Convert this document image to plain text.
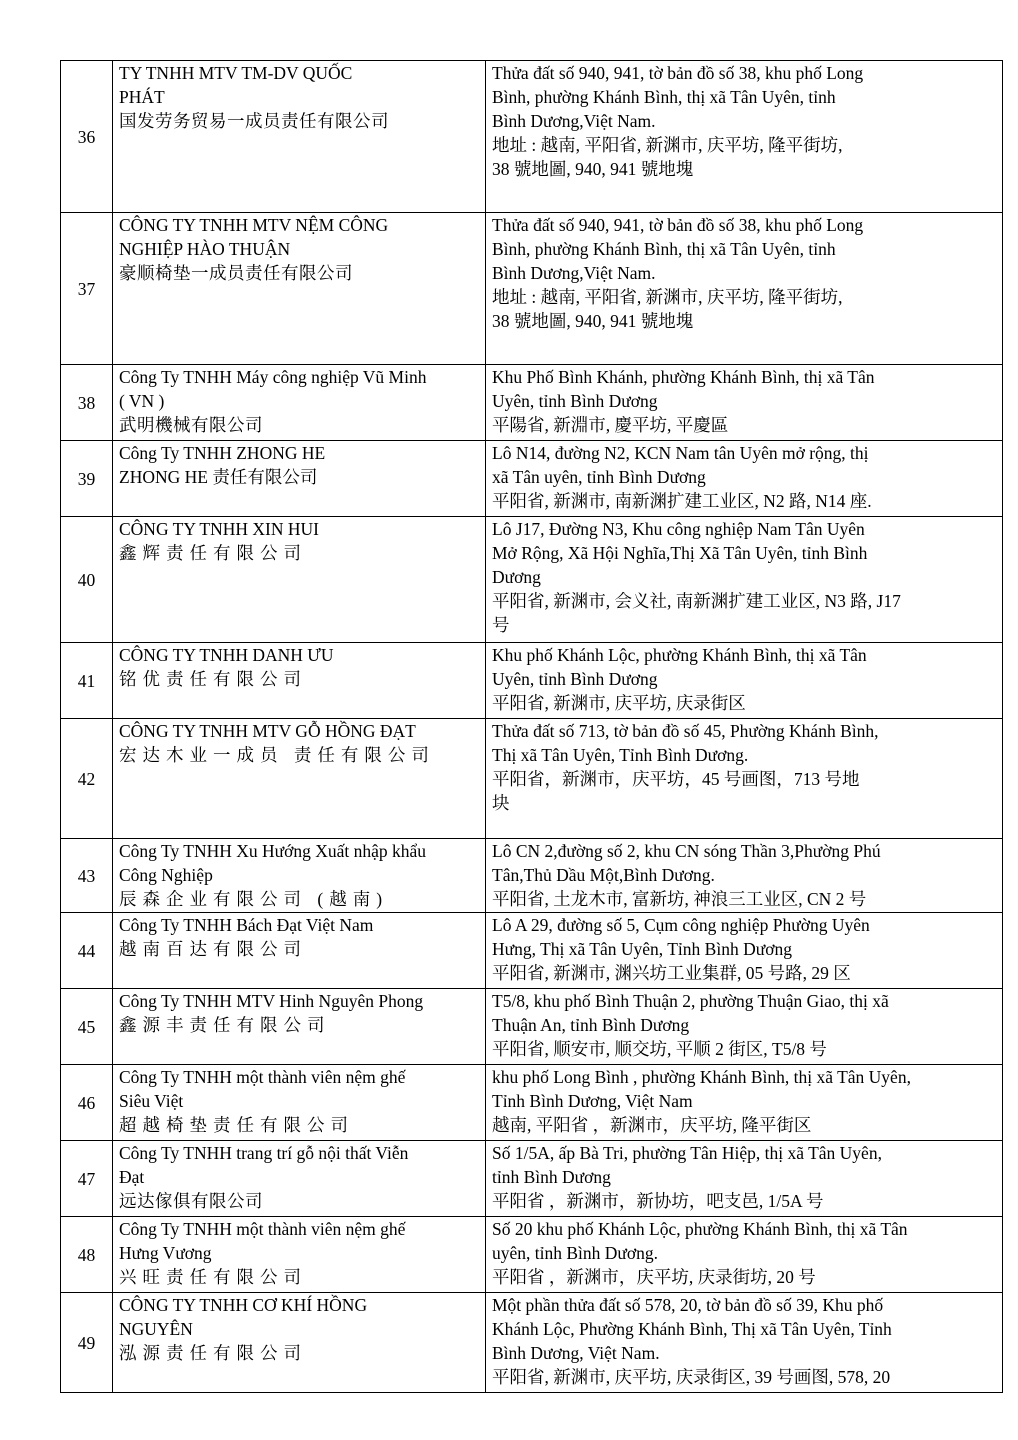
36	TY TNHH MTV TM-DV QUỐC
PHÁT
国发劳务贸易一成员责任有限公司	Thửa đất số 940, 941, tờ bản đồ số 38, khu phố Long
Bình, phường Khánh Bình, thị xã Tân Uyên, tỉnh
Bình Dương,Việt Nam.
地址 : 越南, 平阳省, 新渊市, 庆平坊, 隆平街坊,
38 號地圖, 940, 941 號地塊

37	CÔNG TY TNHH MTV NỆM CÔNG
NGHIỆP HÀO THUẬN
豪顺椅垫一成员责任有限公司	Thửa đất số 940, 941, tờ bản đồ số 38, khu phố Long
Bình, phường Khánh Bình, thị xã Tân Uyên, tỉnh
Bình Dương,Việt Nam.
地址 : 越南, 平阳省, 新渊市, 庆平坊, 隆平街坊,
38 號地圖, 940, 941 號地塊

38	Công Ty TNHH Máy công nghiệp Vũ Minh
( VN )
武明機械有限公司	Khu Phố Bình Khánh, phường Khánh Bình, thị xã Tân
Uyên, tỉnh Bình Dương
平陽省, 新淵市, 慶平坊, 平慶區

39	Công Ty TNHH ZHONG HE
ZHONG HE 责任有限公司	Lô N14, đường N2, KCN Nam tân Uyên mở rộng, thị
xã Tân uyên, tỉnh Bình Dương
平阳省, 新渊市, 南新渊扩建工业区, N2 路, N14 座.

40	CÔNG TY TNHH XIN HUI
鑫辉责任有限公司	Lô J17, Đường N3, Khu công nghiệp Nam Tân Uyên
Mở Rộng, Xã Hội Nghĩa,Thị Xã Tân Uyên, tỉnh Bình
Dương
平阳省, 新渊市, 会义社, 南新渊扩建工业区, N3 路, J17
号

41	CÔNG TY TNHH DANH ƯU
铭优责任有限公司	Khu phố Khánh Lộc, phường Khánh Bình, thị xã Tân
Uyên, tỉnh Bình Dương
平阳省, 新渊市, 庆平坊, 庆录街区

42	CÔNG TY TNHH MTV GỖ HỒNG ĐẠT
宏达木业一成员 责任有限公司	Thửa đất số 713, tờ bản đồ số 45, Phường Khánh Bình,
Thị xã Tân Uyên, Tỉnh Bình Dương.
平阳省，新渊市，庆平坊，45 号画图，713 号地
块

43	Công Ty TNHH Xu Hướng Xuất nhập khẩu
Công Nghiệp
辰森企业有限公司 (越南)	Lô CN 2,đường số 2, khu CN sóng Thần 3,Phường Phú
Tân,Thủ Dầu Một,Bình Dương.
平阳省, 土龙木市, 富新坊, 神浪三工业区, CN 2 号

44	Công Ty TNHH Bách Đạt Việt Nam
越南百达有限公司	Lô A 29, đường số 5, Cụm công nghiệp Phường Uyên
Hưng, Thị xã Tân Uyên, Tỉnh Bình Dương
平阳省, 新渊市, 渊兴坊工业集群, 05 号路, 29 区

45	Công Ty TNHH MTV Hinh Nguyên Phong
鑫源丰责任有限公司	T5/8, khu phố Bình Thuận 2, phường Thuận Giao, thị xã
Thuận An, tỉnh Bình Dương
平阳省, 顺安市, 顺交坊, 平顺 2 街区, T5/8 号

46	Công Ty TNHH một thành viên nệm ghế
Siêu Việt
超越椅垫责任有限公司	khu phố Long Bình , phường Khánh Bình, thị xã Tân Uyên,
Tỉnh Bình Dương, Việt Nam
越南, 平阳省 ，新渊市，庆平坊, 隆平街区

47	Công Ty TNHH trang trí gỗ nội thất Viễn
Đạt
远达傢俱有限公司	Số 1/5A, ấp Bà Tri, phường Tân Hiệp, thị xã Tân Uyên,
tỉnh Bình Dương
平阳省 ，新渊市，新协坊，吧支邑, 1/5A 号

48	Công Ty TNHH một thành viên nệm ghế
Hưng Vương
兴旺责任有限公司	Số 20 khu phố Khánh Lộc, phường Khánh Bình, thị xã Tân
uyên, tỉnh Bình Dương.
平阳省 ，新渊市，庆平坊, 庆录街坊, 20 号

49	CÔNG TY TNHH CƠ KHÍ HỒNG
NGUYÊN
泓源责任有限公司	Một phần thửa đất số 578, 20, tờ bản đồ số 39, Khu phố
Khánh Lộc, Phường Khánh Bình, Thị xã Tân Uyên, Tỉnh
Bình Dương, Việt Nam.
平阳省, 新渊市, 庆平坊, 庆录街区, 39 号画图, 578, 20
